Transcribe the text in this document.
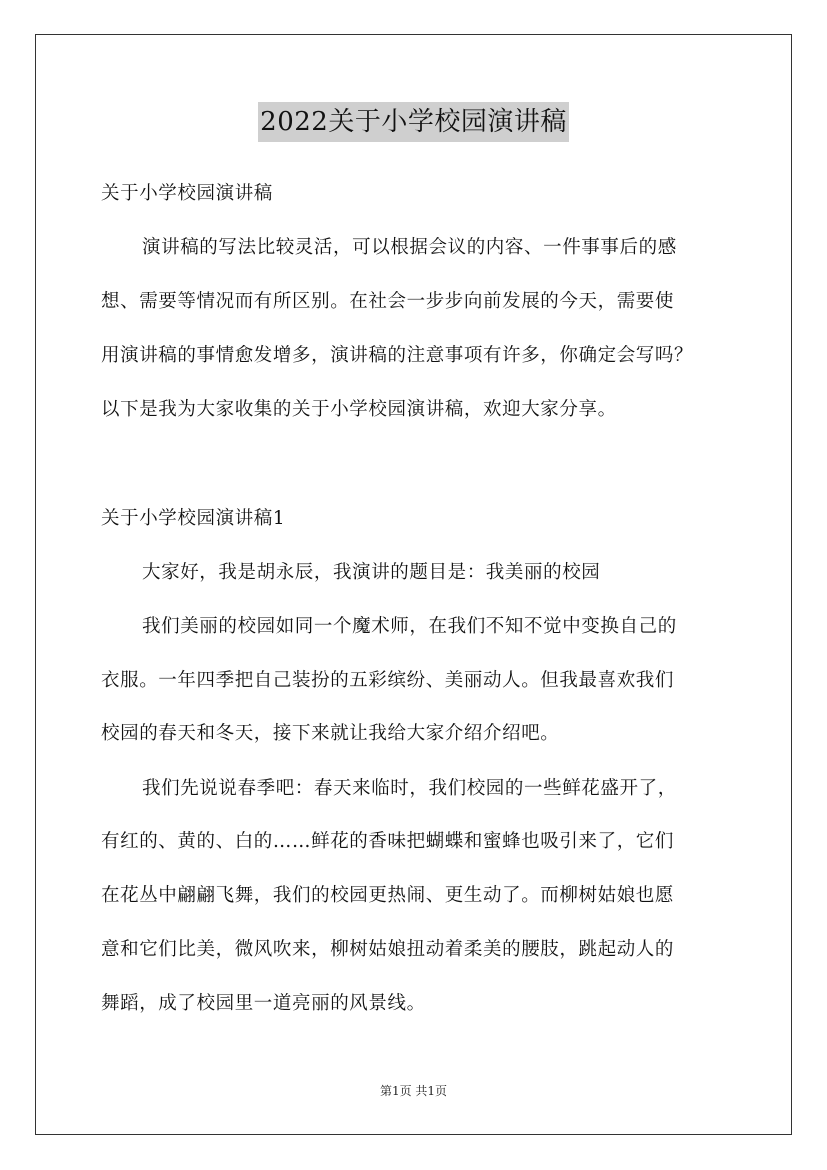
2022关于小学校园演讲稿
关于小学校园演讲稿
演讲稿的写法比较灵活，可以根据会议的内容、一件事事后的感
想、需要等情况而有所区别。在社会一步步向前发展的今天，需要使
用演讲稿的事情愈发增多，演讲稿的注意事项有许多，你确定会写吗？
以下是我为大家收集的关于小学校园演讲稿，欢迎大家分享。
关于小学校园演讲稿1
大家好，我是胡永辰，我演讲的题目是：我美丽的校园
我们美丽的校园如同一个魔术师，在我们不知不觉中变换自己的
衣服。一年四季把自己装扮的五彩缤纷、美丽动人。但我最喜欢我们
校园的春天和冬天，接下来就让我给大家介绍介绍吧。
我们先说说春季吧：春天来临时，我们校园的一些鲜花盛开了，
有红的、黄的、白的……鲜花的香味把蝴蝶和蜜蜂也吸引来了，它们
在花丛中翩翩飞舞，我们的校园更热闹、更生动了。而柳树姑娘也愿
意和它们比美，微风吹来，柳树姑娘扭动着柔美的腰肢，跳起动人的
舞蹈，成了校园里一道亮丽的风景线。
第1页 共1页
